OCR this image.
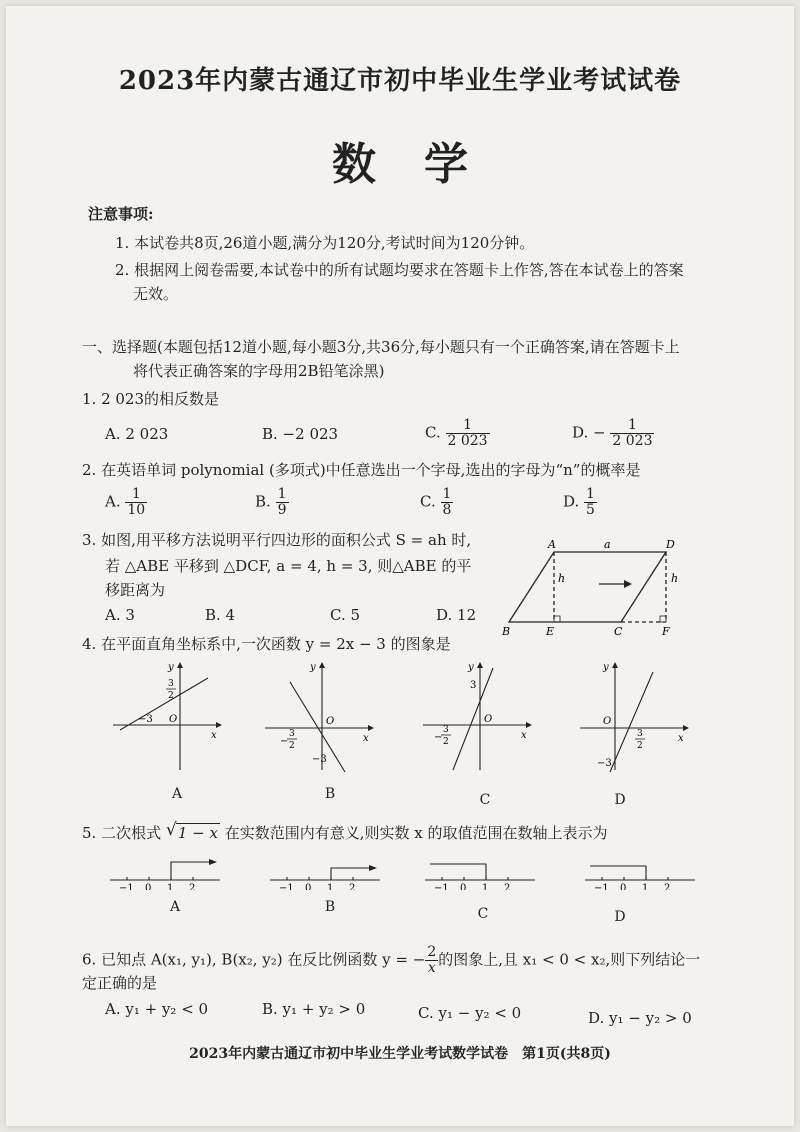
2023年内蒙古通辽市初中毕业生学业考试试卷
数学
注意事项:
1. 本试卷共8页,26道小题,满分为120分,考试时间为120分钟。
2. 根据网上阅卷需要,本试卷中的所有试题均要求在答题卡上作答,答在本试卷上的答案
无效。
一、选择题(本题包括12道小题,每小题3分,共36分,每小题只有一个正确答案,请在答题卡上
将代表正确答案的字母用2B铅笔涂黑)
1. 2 023的相反数是
A. 2 023	B. −2 023	C. $\frac{1}{2 023}$	D. − $\frac{1}{2 023}$
2. 在英语单词 polynomial (多项式)中任意选出一个字母,选出的字母为“n”的概率是
A. $\frac{1}{10}$	B. $\frac{1}{9}$	C. $\frac{1}{8}$	D. $\frac{1}{5}$
3. 如图,用平移方法说明平行四边形的面积公式 S = ah 时,
若 △ABE 平移到 △DCF, a = 4, h = 3, 则△ABE 的平
移距离为
A. 3	B. 4	C. 5	D. 12
A	D
a
h	h
B	E	C	F
4. 在平面直角坐标系中,一次函数 y = 2x − 3 的图象是
y
x
O
−3
3
2
A
y
x
O
−3
−
3
2
B
y
x
O
3
−
3
2
C
y
x
O
−3
3
2
D
5. 二次根式 √ 1 − x 在实数范围内有意义,则实数 x 的取值范围在数轴上表示为
−1 0 1 2
A
−1 0 1 2
B
−1 0 1 2
C
−1 0 1 2
D
6. 已知点 A(x₁, y₁), B(x₂, y₂) 在反比例函数 y = − $\frac{2}{x}$ 的图象上,且 x₁ < 0 < x₂,则下列结论一
定正确的是
A. y₁ + y₂ < 0	B. y₁ + y₂ > 0	C. y₁ − y₂ < 0	D. y₁ − y₂ > 0
2023年内蒙古通辽市初中毕业生学业考试数学试卷　第1页(共8页)
